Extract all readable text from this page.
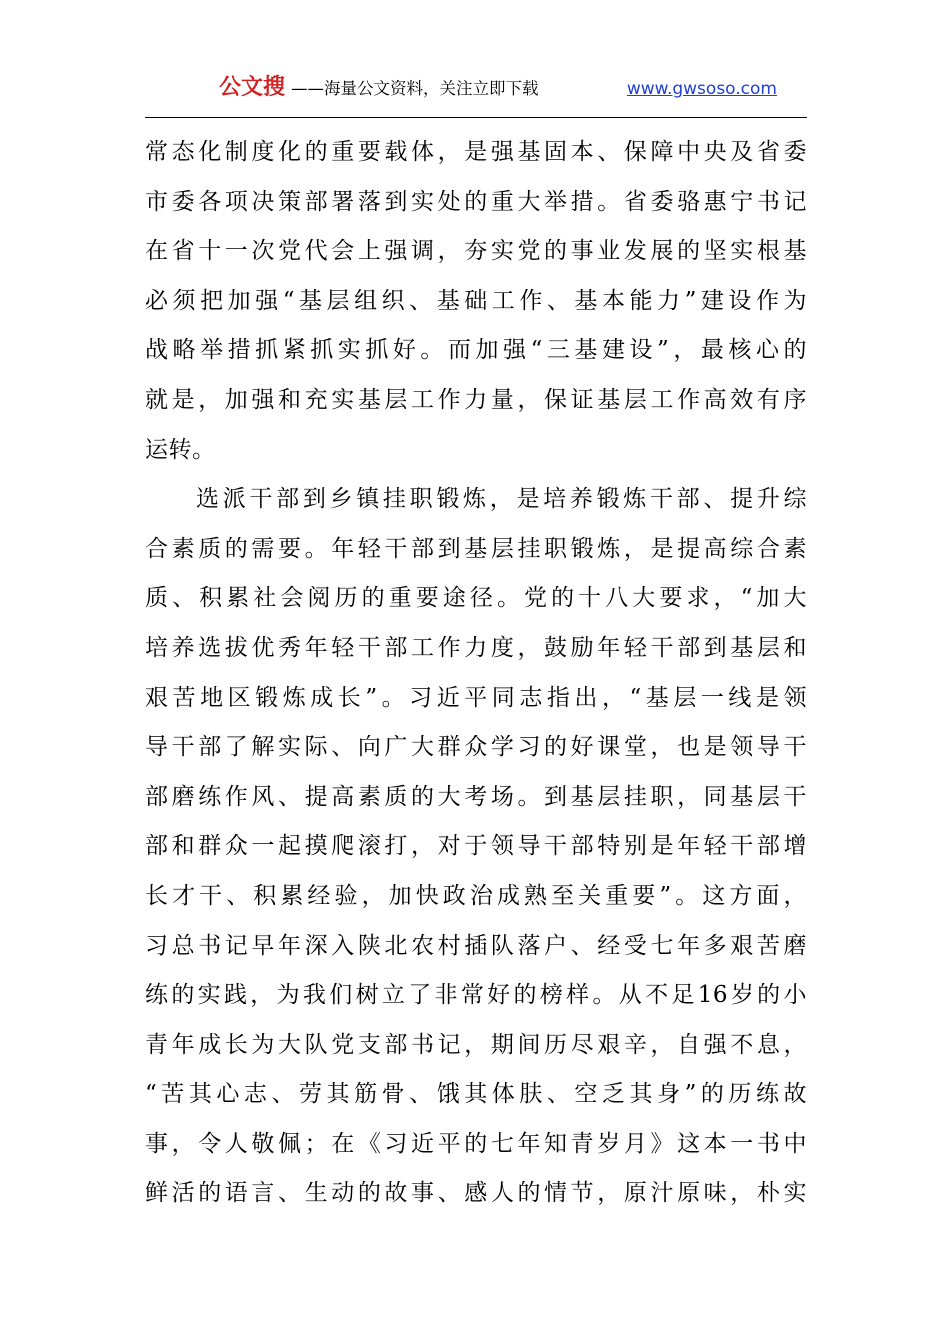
公文搜 ——海量公文资料，关注立即下载	www.gwsoso.com
常态化制度化的重要载体，是强基固本、保障中央及省委
市委各项决策部署落到实处的重大举措。省委骆惠宁书记
在省十一次党代会上强调，夯实党的事业发展的坚实根基
必须把加强“基层组织、基础工作、基本能力”建设作为
战略举措抓紧抓实抓好。而加强“三基建设”，最核心的
就是，加强和充实基层工作力量，保证基层工作高效有序
运转。
选派干部到乡镇挂职锻炼，是培养锻炼干部、提升综
合素质的需要。年轻干部到基层挂职锻炼，是提高综合素
质、积累社会阅历的重要途径。党的十八大要求，“加大
培养选拔优秀年轻干部工作力度，鼓励年轻干部到基层和
艰苦地区锻炼成长”。习近平同志指出，“基层一线是领
导干部了解实际、向广大群众学习的好课堂，也是领导干
部磨练作风、提高素质的大考场。到基层挂职，同基层干
部和群众一起摸爬滚打，对于领导干部特别是年轻干部增
长才干、积累经验，加快政治成熟至关重要”。这方面，
习总书记早年深入陕北农村插队落户、经受七年多艰苦磨
练的实践，为我们树立了非常好的榜样。从不足16岁的小
青年成长为大队党支部书记，期间历尽艰辛，自强不息，
“苦其心志、劳其筋骨、饿其体肤、空乏其身”的历练故
事，令人敬佩；在《习近平的七年知青岁月》这本一书中
鲜活的语言、生动的故事、感人的情节，原汁原味，朴实
